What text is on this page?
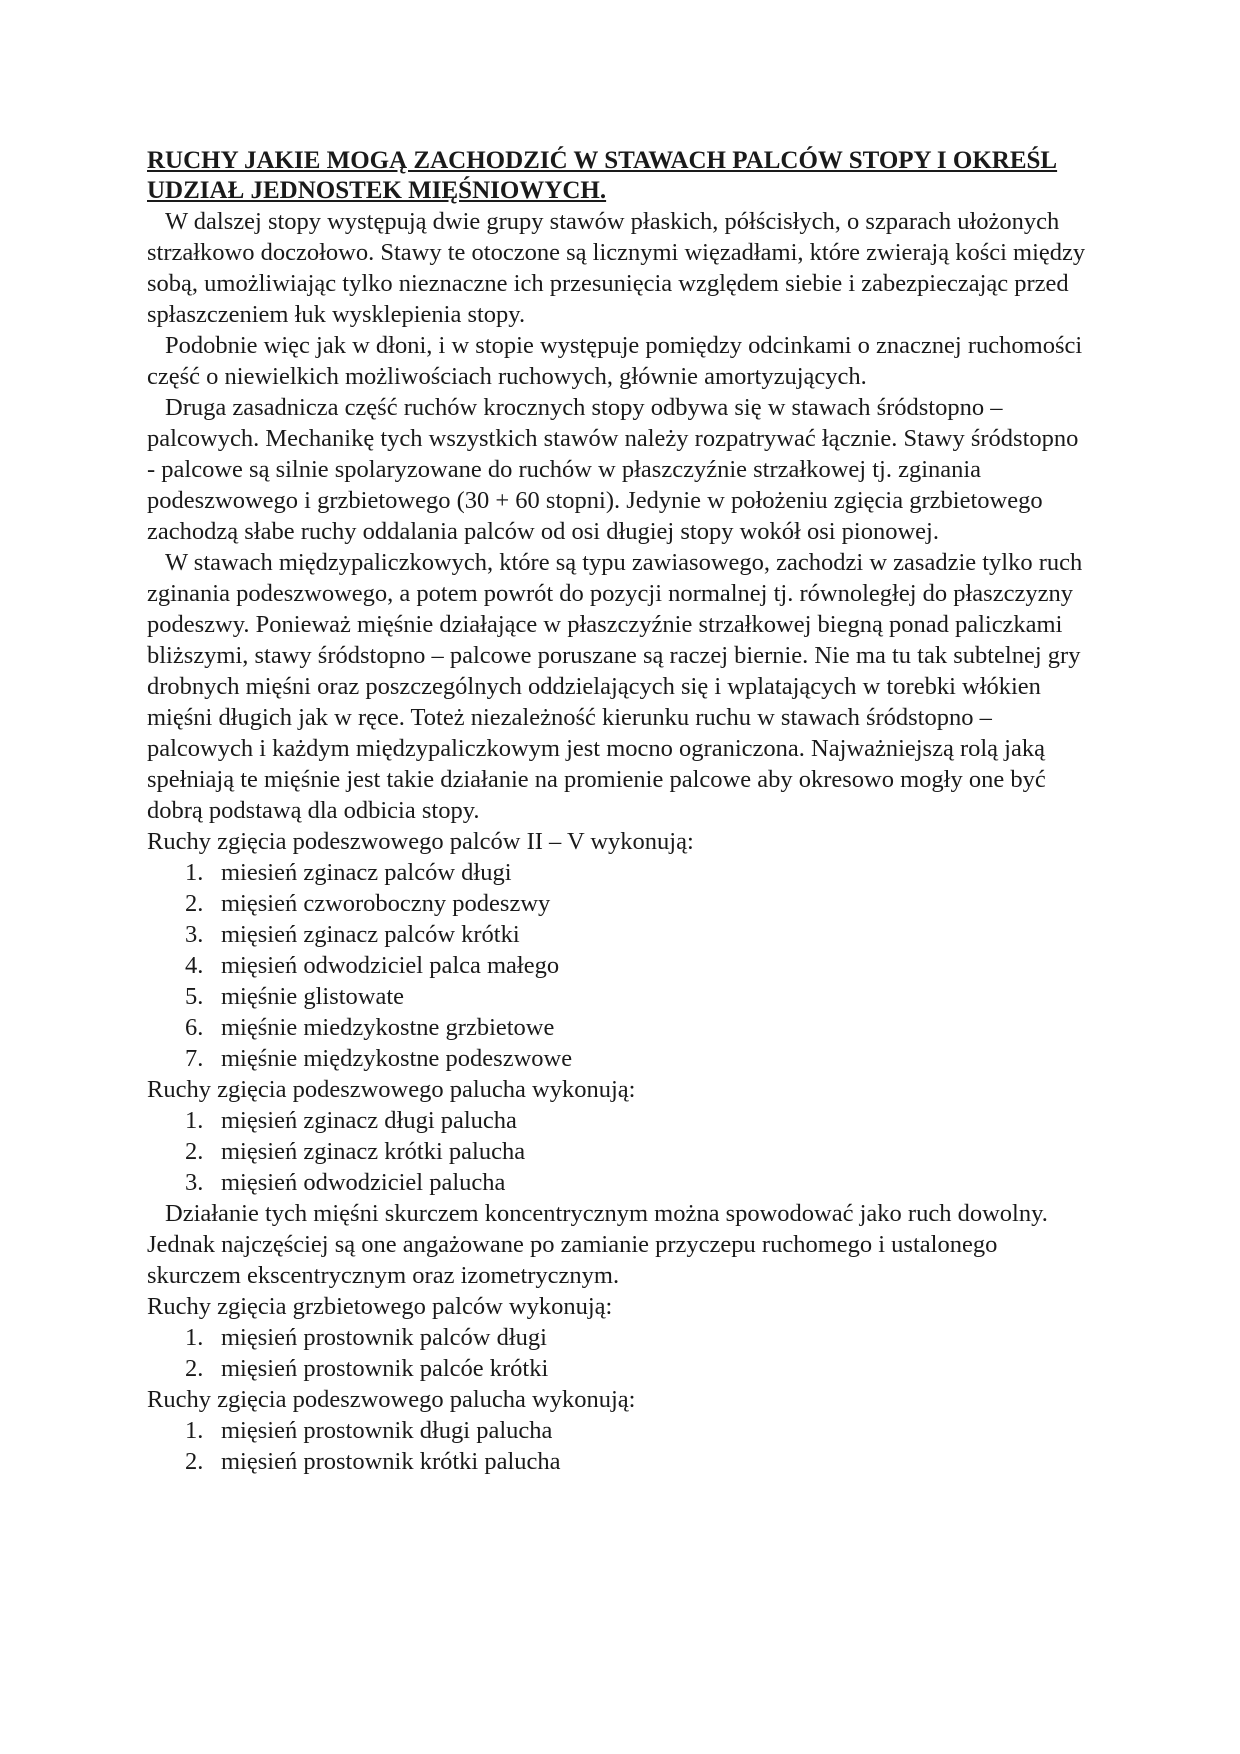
RUCHY JAKIE MOGĄ ZACHODZIĆ W STAWACH PALCÓW STOPY I OKREŚL UDZIAŁ JEDNOSTEK MIĘŚNIOWYCH.

W dalszej stopy występują dwie grupy stawów płaskich, półścisłych, o szparach ułożonych strzałkowo doczołowo. Stawy te otoczone są licznymi więzadłami, które zwierają kości między sobą, umożliwiając tylko nieznaczne ich przesunięcia względem siebie i zabezpieczając przed spłaszczeniem łuk wysklepienia stopy.

Podobnie więc jak w dłoni, i w stopie występuje pomiędzy odcinkami o znacznej ruchomości część o niewielkich możliwościach ruchowych, głównie amortyzujących.

Druga zasadnicza część ruchów krocznych stopy odbywa się w stawach śródstopno – palcowych. Mechanikę tych wszystkich stawów należy rozpatrywać łącznie. Stawy śródstopno - palcowe są silnie spolaryzowane do ruchów w płaszczyźnie strzałkowej tj. zginania podeszwowego i grzbietowego (30 + 60 stopni). Jedynie w położeniu zgięcia grzbietowego zachodzą słabe ruchy oddalania palców od osi długiej stopy wokół osi pionowej.

W stawach międzypaliczkowych, które są typu zawiasowego, zachodzi w zasadzie tylko ruch zginania podeszwowego, a potem powrót do pozycji normalnej tj. równoległej do płaszczyzny podeszwy. Ponieważ mięśnie działające w płaszczyźnie strzałkowej biegną ponad paliczkami bliższymi, stawy śródstopno – palcowe poruszane są raczej biernie. Nie ma tu tak subtelnej gry drobnych mięśni oraz poszczególnych oddzielających się i wplatających w torebki włókien mięśni długich jak w ręce. Toteż niezależność kierunku ruchu w stawach śródstopno – palcowych i każdym międzypaliczkowym jest mocno ograniczona. Najważniejszą rolą jaką spełniają te mięśnie jest takie działanie na promienie palcowe aby okresowo mogły one być dobrą podstawą dla odbicia stopy.

Ruchy zgięcia podeszwowego palców II – V wykonują:

1. miesień zginacz palców długi
2. mięsień czworoboczny podeszwy
3. mięsień zginacz palców krótki
4. mięsień odwodziciel palca małego
5. mięśnie glistowate
6. mięśnie miedzykostne grzbietowe
7. mięśnie międzykostne podeszwowe

Ruchy zgięcia podeszwowego palucha wykonują:

1. mięsień zginacz długi palucha
2. mięsień zginacz krótki palucha
3. mięsień odwodziciel palucha

Działanie tych mięśni skurczem koncentrycznym można spowodować jako ruch dowolny. Jednak najczęściej są one angażowane po zamianie przyczepu ruchomego i ustalonego skurczem ekscentrycznym oraz izometrycznym.

Ruchy zgięcia grzbietowego palców wykonują:

1. mięsień prostownik palców długi
2. mięsień prostownik palcóe krótki

Ruchy zgięcia podeszwowego palucha wykonują:

1. mięsień prostownik długi palucha
2. mięsień prostownik krótki palucha
